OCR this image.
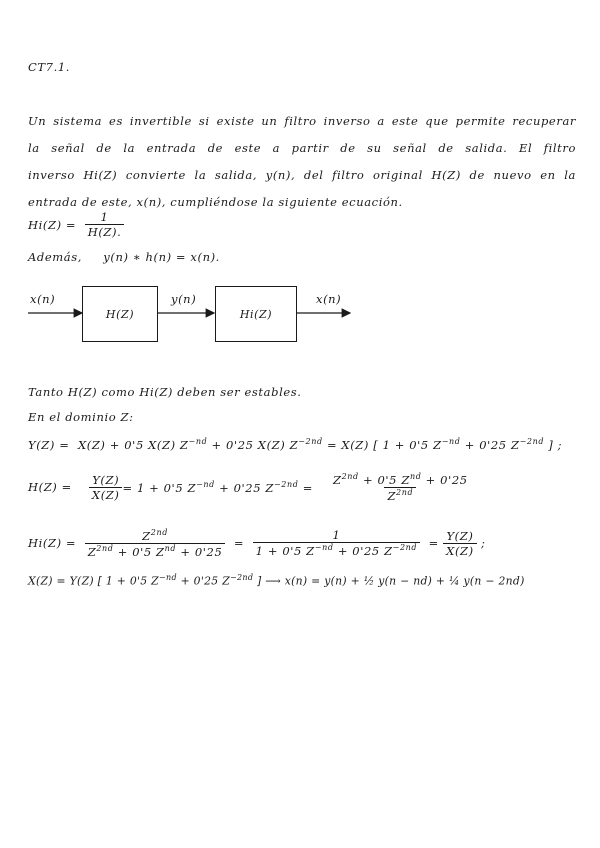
CT7.1.
Un sistema es invertible si existe un filtro inverso a este que permite recuperar
la señal de la entrada de este a partir de su señal de salida. El filtro
inverso Hi(Z) convierte la salida, y(n), del filtro original H(Z) de nuevo en la
entrada de este, x(n), cumpliéndose la siguiente ecuación.
Hi(Z) =
$\frac{1}{H(Z).}$
Además, y(n) ∗ h(n) = x(n).
x(n)
H(Z)
y(n)
Hi(Z)
x(n)
Tanto H(Z) como Hi(Z) deben ser estables.
En el dominio Z:
Y(Z) = X(Z) + 0'5 X(Z) $Z^{-nd} + 0'25$ X(Z) $Z^{-2nd} = X(Z)$ [ 1 + 0'5 $Z^{-nd} + 0'25$ $Z^{-2nd}$ ] ;
H(Z) =
$\frac{Y(Z)}{X(Z)} = 1 + 0'5$ $Z^{-nd} + 0'25$ $Z^{-2nd}$ =
$\frac{Z^{2nd} + 0'5 Z^{nd} + 0'25}{Z^{2nd}}$
Hi(Z) =
$\frac{Z^{2nd}}{Z^{2nd} + 0'5 Z^{nd} + 0'25}$
=
$\frac{1}{1 + 0'5 Z^{-nd} + 0'25 Z^{-2nd}}$
=
$\frac{Y(Z)}{X(Z)}$
;
X(Z) = Y(Z) [ 1 + 0'5 $Z^{-nd} + 0'25$ $Z^{-2nd}$ ] ⟶ x(n) = y(n) + ½ y(n − nd) + ¼ y(n − 2nd)
